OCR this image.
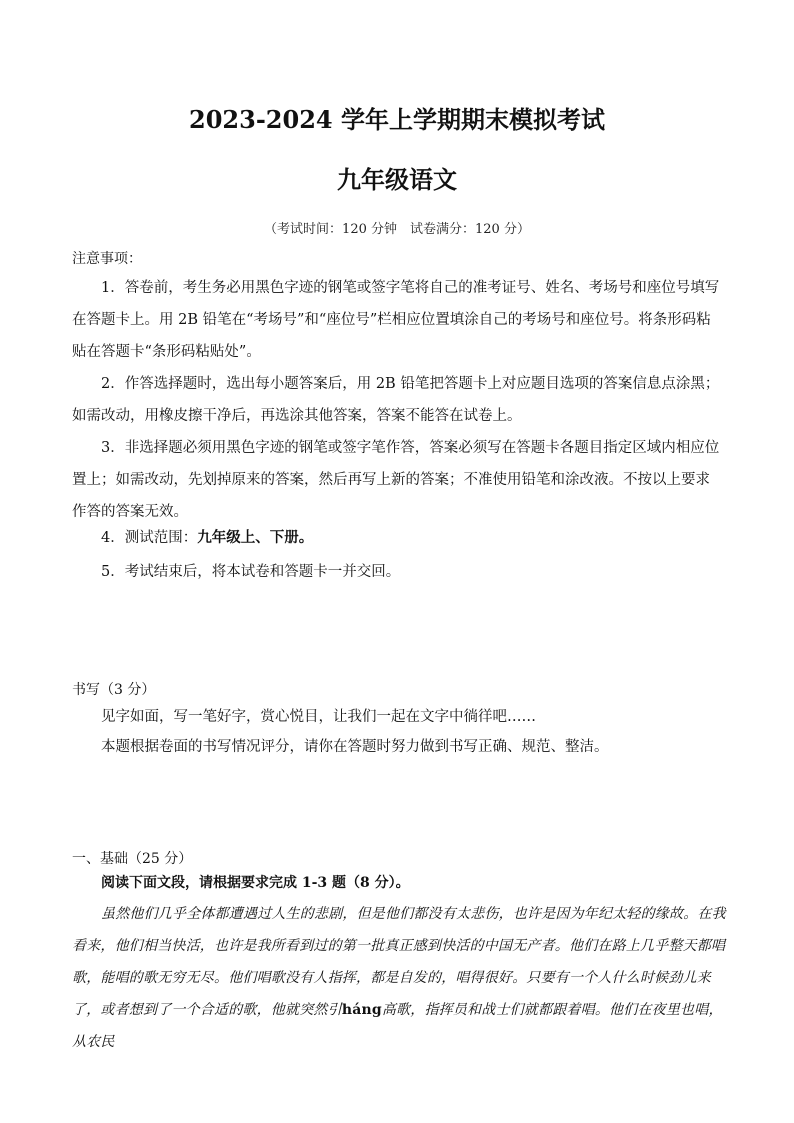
2023-2024 学年上学期期末模拟考试
九年级语文
（考试时间：120 分钟　试卷满分：120 分）
注意事项：
1．答卷前，考生务必用黑色字迹的钢笔或签字笔将自己的准考证号、姓名、考场号和座位号填写在答题卡上。用 2B 铅笔在“考场号”和“座位号”栏相应位置填涂自己的考场号和座位号。将条形码粘贴在答题卡“条形码粘贴处”。
2．作答选择题时，选出每小题答案后，用 2B 铅笔把答题卡上对应题目选项的答案信息点涂黑；如需改动，用橡皮擦干净后，再选涂其他答案，答案不能答在试卷上。
3．非选择题必须用黑色字迹的钢笔或签字笔作答，答案必须写在答题卡各题目指定区域内相应位置上；如需改动，先划掉原来的答案，然后再写上新的答案；不准使用铅笔和涂改液。不按以上要求作答的答案无效。
4．测试范围：九年级上、下册。
5．考试结束后，将本试卷和答题卡一并交回。
书写（3 分）
见字如面，写一笔好字，赏心悦目，让我们一起在文字中徜徉吧……
本题根据卷面的书写情况评分，请你在答题时努力做到书写正确、规范、整洁。
一、基础（25 分）
阅读下面文段，请根据要求完成 1-3 题（8 分）。
虽然他们几乎全体都遭遇过人生的悲剧，但是他们都没有太悲伤，也许是因为年纪太轻的缘故。在我看来，他们相当快活，也许是我所看到过的第一批真正感到快活的中国无产者。他们在路上几乎整天都唱歌，能唱的歌无穷无尽。他们唱歌没有人指挥，都是自发的，唱得很好。只要有一个人什么时候劲儿来了，或者想到了一个合适的歌，他就突然引háng高歌，指挥员和战士们就都跟着唱。他们在夜里也唱，从农民
